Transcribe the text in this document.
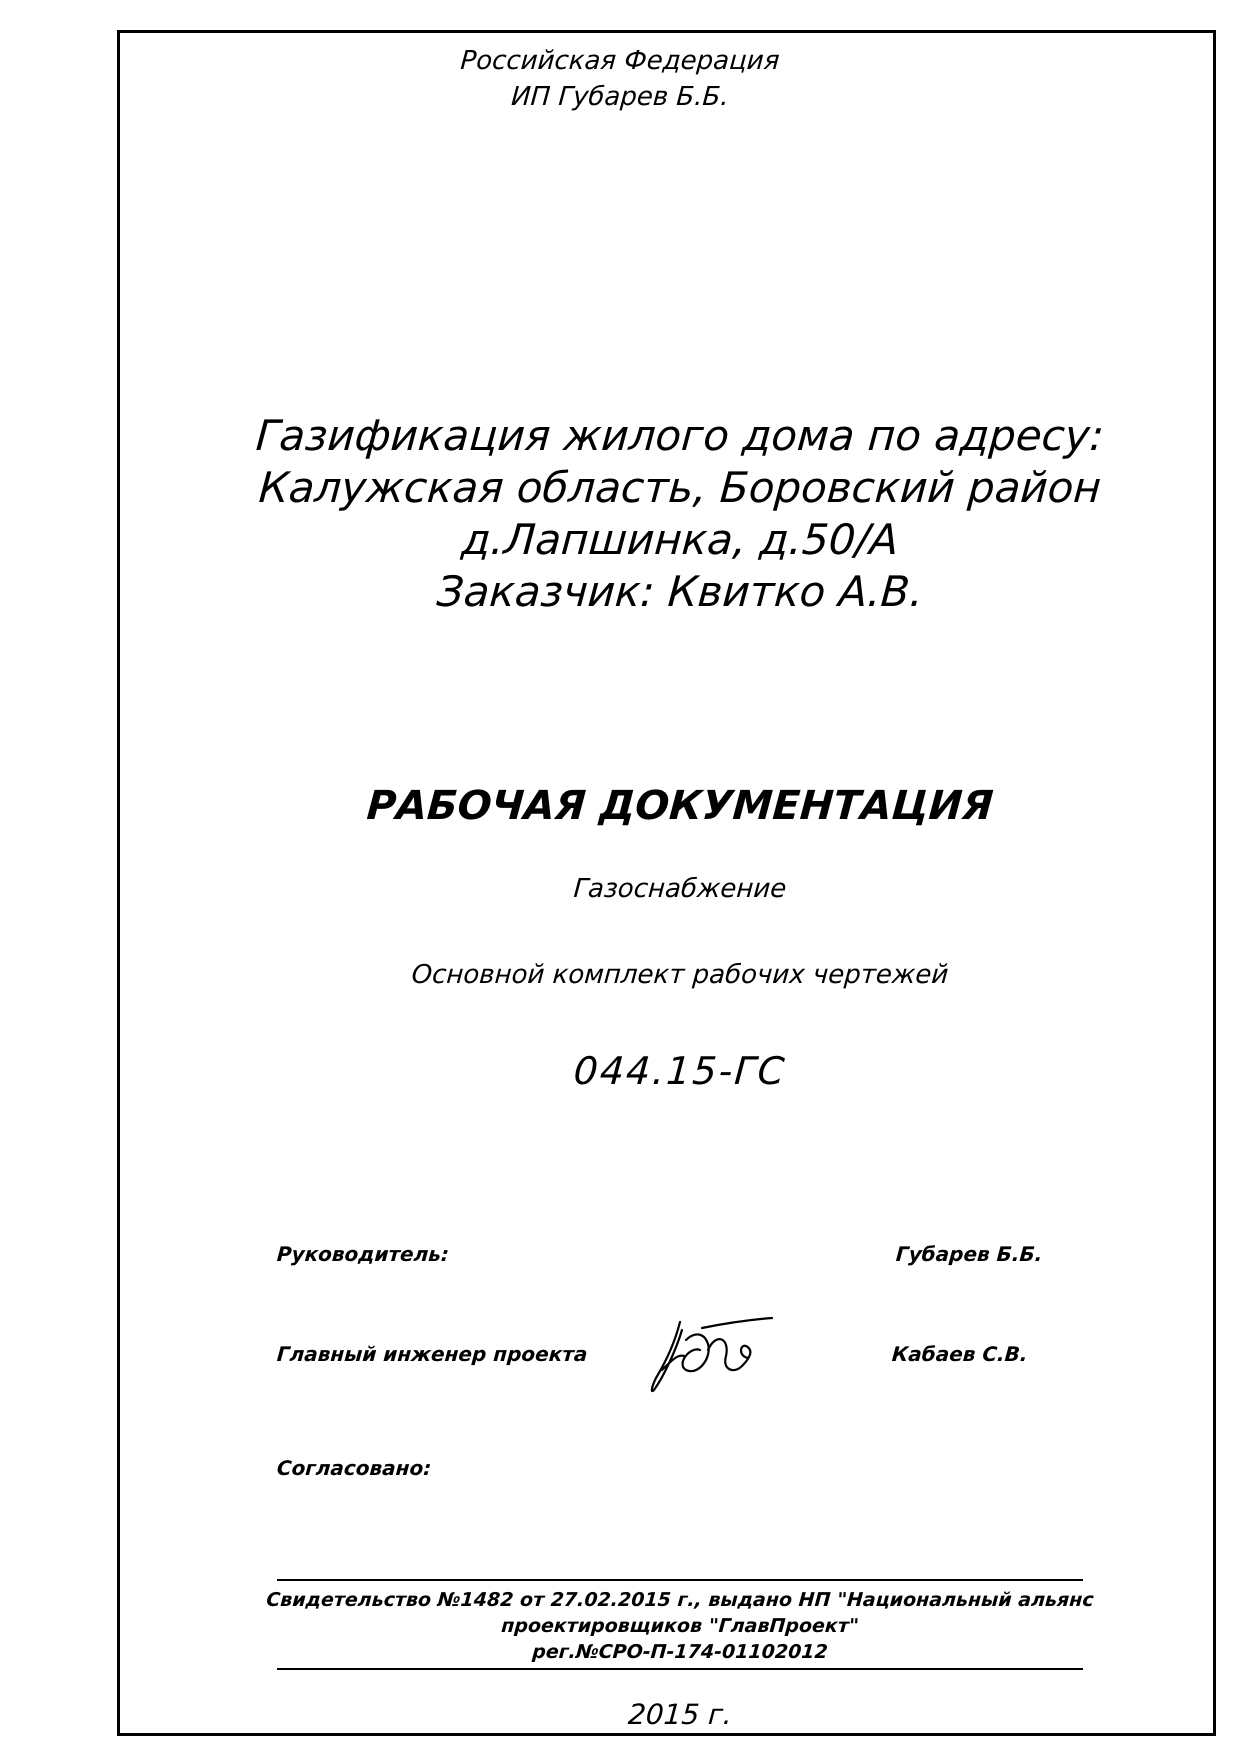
Российская Федерация
ИП Губарев Б.Б.
Газификация жилого дома по адресу:
Калужская область, Боровский район
д.Лапшинка, д.50/А
Заказчик: Квитко А.В.
РАБОЧАЯ ДОКУМЕНТАЦИЯ
Газоснабжение
Основной комплект рабочих чертежей
044.15-ГС
Руководитель:	Губарев Б.Б.
Главный инженер проекта	Кабаев С.В.
Согласовано:
Свидетельство №1482 от 27.02.2015 г., выдано НП "Национальный альянс
проектировщиков "ГлавПроект"
рег.№СРО-П-174-01102012
2015 г.
